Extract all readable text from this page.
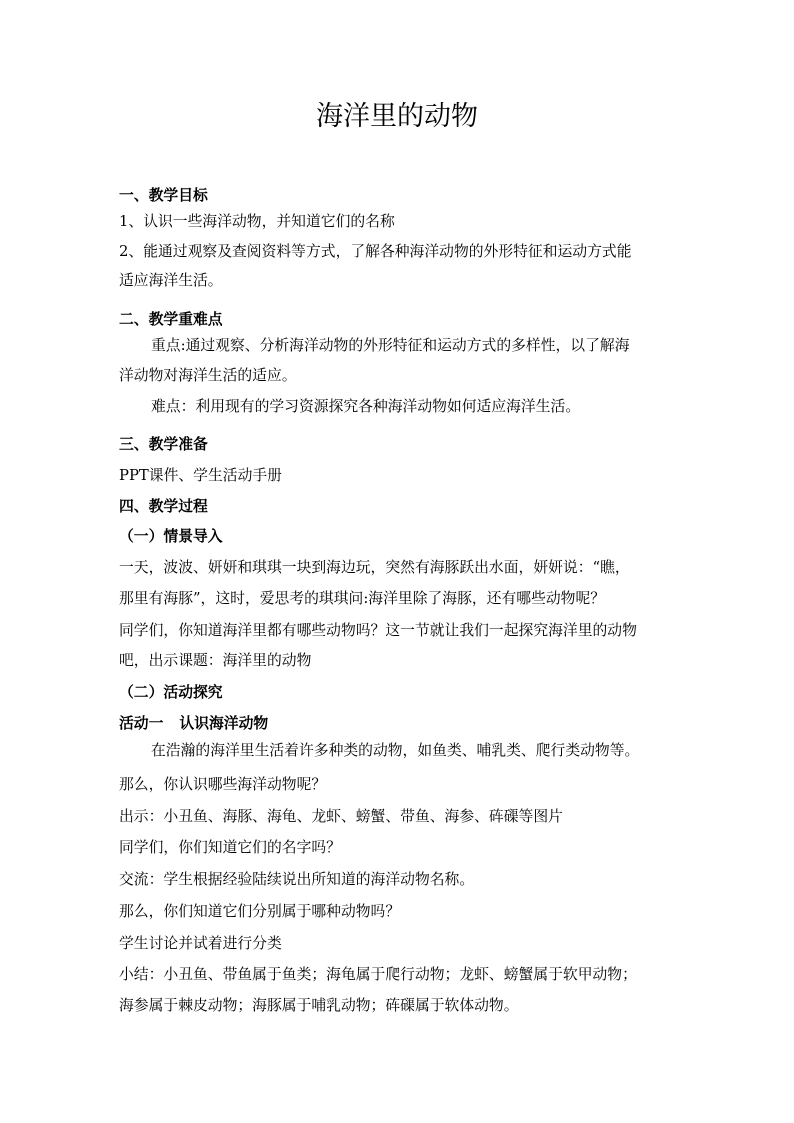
海洋里的动物

一、教学目标

1、认识一些海洋动物，并知道它们的名称

2、能通过观察及查阅资料等方式，了解各种海洋动物的外形特征和运动方式能

适应海洋生活。

二、教学重难点

重点:通过观察、分析海洋动物的外形特征和运动方式的多样性，以了解海

洋动物对海洋生活的适应。

难点：利用现有的学习资源探究各种海洋动物如何适应海洋生活。

三、教学准备

PPT课件、学生活动手册

四、教学过程

（一）情景导入

一天，波波、妍妍和琪琪一块到海边玩，突然有海豚跃出水面，妍妍说：“瞧，

那里有海豚”，这时，爱思考的琪琪问:海洋里除了海豚，还有哪些动物呢？

同学们，你知道海洋里都有哪些动物吗？这一节就让我们一起探究海洋里的动物

吧，出示课题：海洋里的动物

（二）活动探究

活动一 认识海洋动物

在浩瀚的海洋里生活着许多种类的动物，如鱼类、哺乳类、爬行类动物等。

那么，你认识哪些海洋动物呢？

出示：小丑鱼、海豚、海龟、龙虾、螃蟹、带鱼、海参、砗磲等图片

同学们，你们知道它们的名字吗？

交流：学生根据经验陆续说出所知道的海洋动物名称。

那么，你们知道它们分别属于哪种动物吗？

学生讨论并试着进行分类

小结：小丑鱼、带鱼属于鱼类；海龟属于爬行动物；龙虾、螃蟹属于软甲动物；

海参属于棘皮动物；海豚属于哺乳动物；砗磲属于软体动物。
